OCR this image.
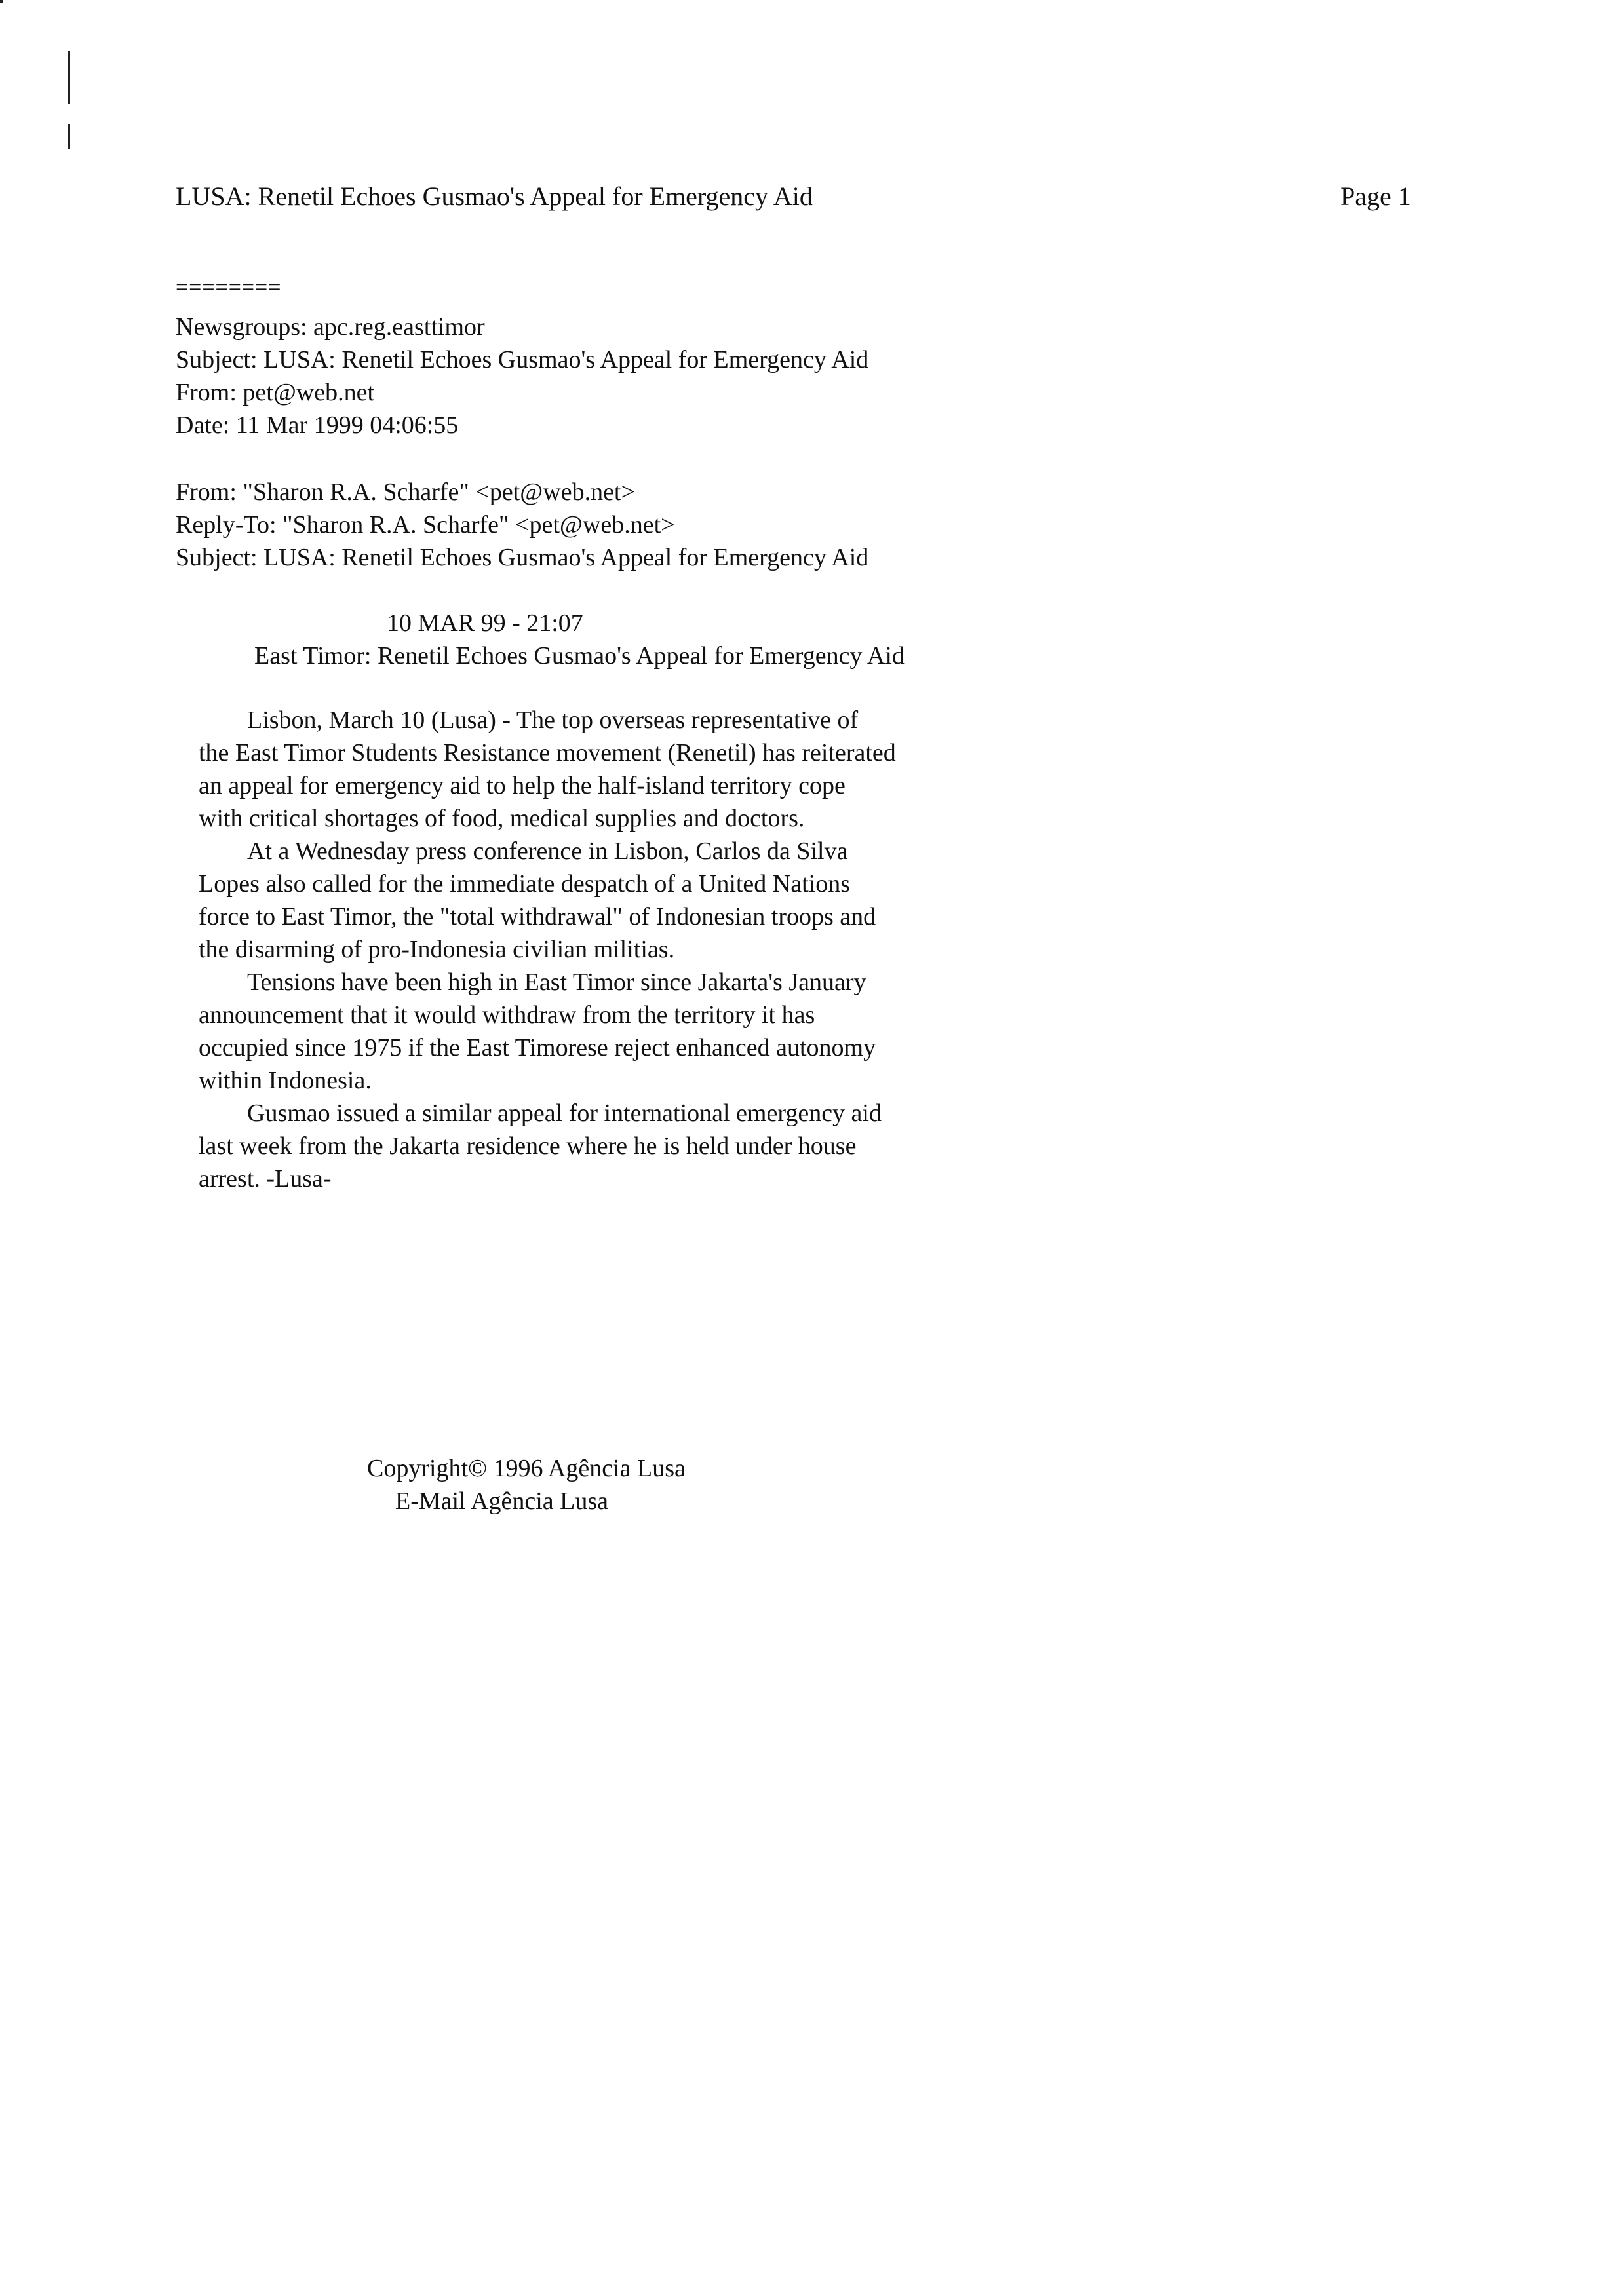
LUSA: Renetil Echoes Gusmao's Appeal for Emergency Aid	Page 1
========
Newsgroups: apc.reg.easttimor
Subject: LUSA: Renetil Echoes Gusmao's Appeal for Emergency Aid
From: pet@web.net
Date: 11 Mar 1999 04:06:55
From: "Sharon R.A. Scharfe" <pet@web.net>
Reply-To: "Sharon R.A. Scharfe" <pet@web.net>
Subject: LUSA: Renetil Echoes Gusmao's Appeal for Emergency Aid
10 MAR 99 - 21:07
East Timor: Renetil Echoes Gusmao's Appeal for Emergency Aid
Lisbon, March 10 (Lusa) - The top overseas representative of
the East Timor Students Resistance movement (Renetil) has reiterated
an appeal for emergency aid to help the half-island territory cope
with critical shortages of food, medical supplies and doctors.
At a Wednesday press conference in Lisbon, Carlos da Silva
Lopes also called for the immediate despatch of a United Nations
force to East Timor, the "total withdrawal" of Indonesian troops and
the disarming of pro-Indonesia civilian militias.
Tensions have been high in East Timor since Jakarta's January
announcement that it would withdraw from the territory it has
occupied since 1975 if the East Timorese reject enhanced autonomy
within Indonesia.
Gusmao issued a similar appeal for international emergency aid
last week from the Jakarta residence where he is held under house
arrest. -Lusa-
Copyright© 1996 Agência Lusa
E-Mail Agência Lusa
